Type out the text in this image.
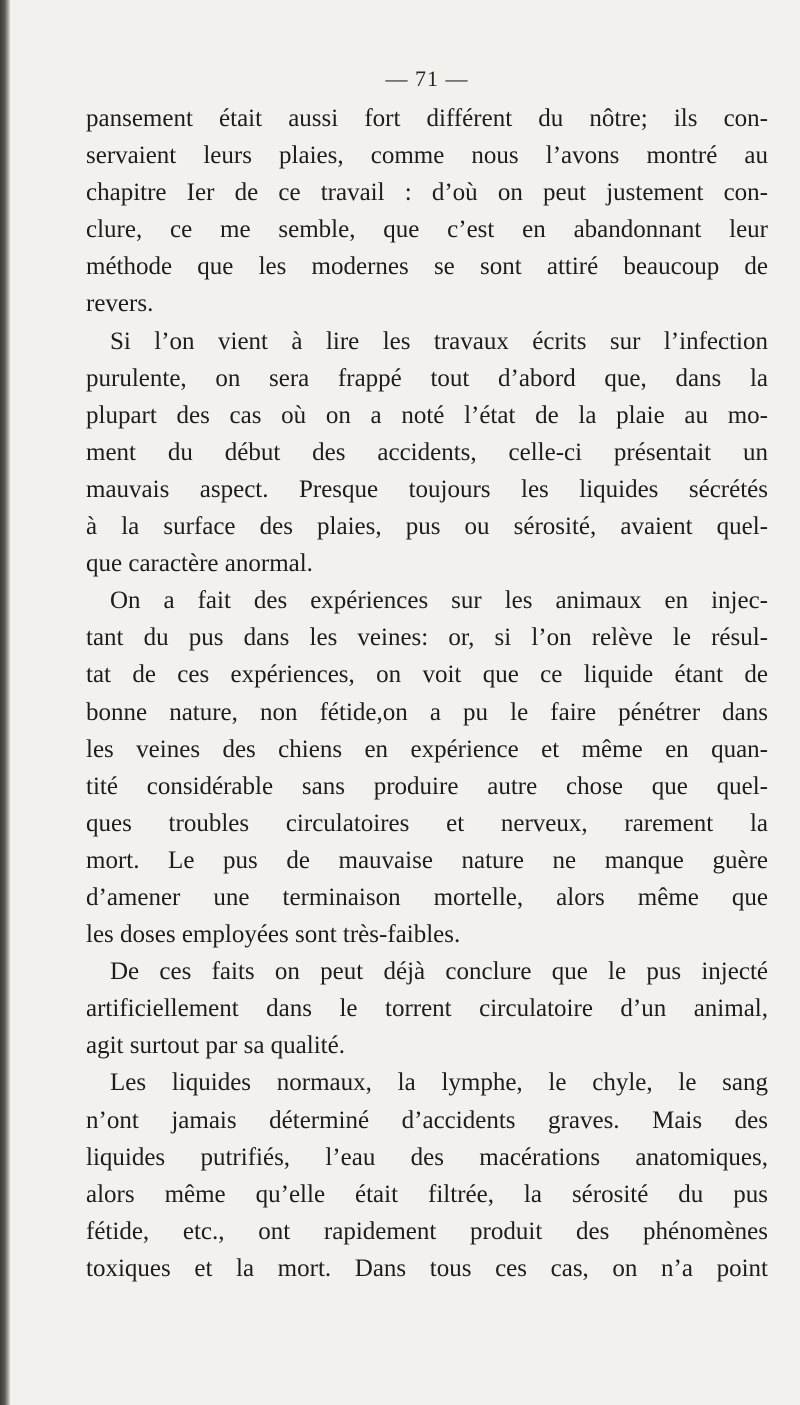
— 71 —
pansement était aussi fort différent du nôtre; ils con-
servaient leurs plaies, comme nous l’avons montré au
chapitre Ier de ce travail : d’où on peut justement con-
clure, ce me semble, que c’est en abandonnant leur
méthode que les modernes se sont attiré beaucoup de
revers.
Si l’on vient à lire les travaux écrits sur l’infection
purulente, on sera frappé tout d’abord que, dans la
plupart des cas où on a noté l’état de la plaie au mo-
ment du début des accidents, celle-ci présentait un
mauvais aspect. Presque toujours les liquides sécrétés
à la surface des plaies, pus ou sérosité, avaient quel-
que caractère anormal.
On a fait des expériences sur les animaux en injec-
tant du pus dans les veines: or, si l’on relève le résul-
tat de ces expériences, on voit que ce liquide étant de
bonne nature, non fétide,on a pu le faire pénétrer dans
les veines des chiens en expérience et même en quan-
tité considérable sans produire autre chose que quel-
ques troubles circulatoires et nerveux, rarement la
mort. Le pus de mauvaise nature ne manque guère
d’amener une terminaison mortelle, alors même que
les doses employées sont très-faibles.
De ces faits on peut déjà conclure que le pus injecté
artificiellement dans le torrent circulatoire d’un animal,
agit surtout par sa qualité.
Les liquides normaux, la lymphe, le chyle, le sang
n’ont jamais déterminé d’accidents graves. Mais des
liquides putrifiés, l’eau des macérations anatomiques,
alors même qu’elle était filtrée, la sérosité du pus
fétide, etc., ont rapidement produit des phénomènes
toxiques et la mort. Dans tous ces cas, on n’a point
